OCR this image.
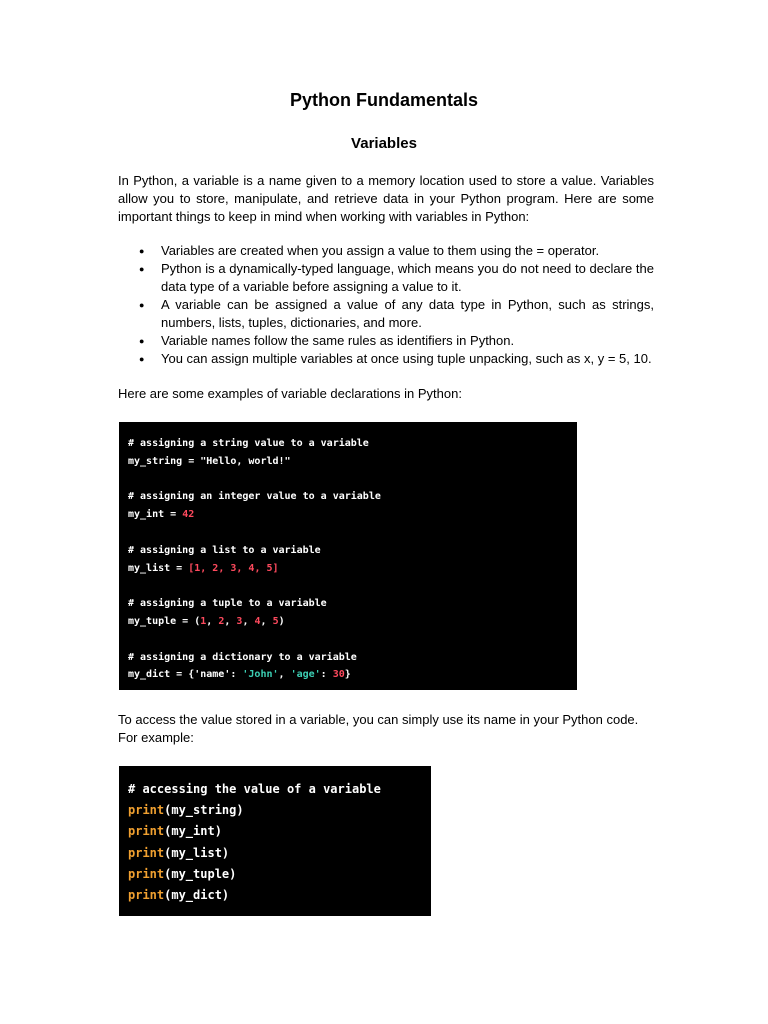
Python Fundamentals
Variables

In Python, a variable is a name given to a memory location used to store a value. Variables allow you to store, manipulate, and retrieve data in your Python program. Here are some important things to keep in mind when working with variables in Python:

● Variables are created when you assign a value to them using the = operator.
● Python is a dynamically-typed language, which means you do not need to declare the data type of a variable before assigning a value to it.
● A variable can be assigned a value of any data type in Python, such as strings, numbers, lists, tuples, dictionaries, and more.
● Variable names follow the same rules as identifiers in Python.
● You can assign multiple variables at once using tuple unpacking, such as x, y = 5, 10.

Here are some examples of variable declarations in Python:

# assigning a string value to a variable
my_string = "Hello, world!"
# assigning an integer value to a variable
my_int = 42
# assigning a list to a variable
my_list = [1, 2, 3, 4, 5]
# assigning a tuple to a variable
my_tuple = (1, 2, 3, 4, 5)
# assigning a dictionary to a variable
my_dict = {'name': 'John', 'age': 30}

To access the value stored in a variable, you can simply use its name in your Python code. For example:

# accessing the value of a variable
print(my_string)
print(my_int)
print(my_list)
print(my_tuple)
print(my_dict)
